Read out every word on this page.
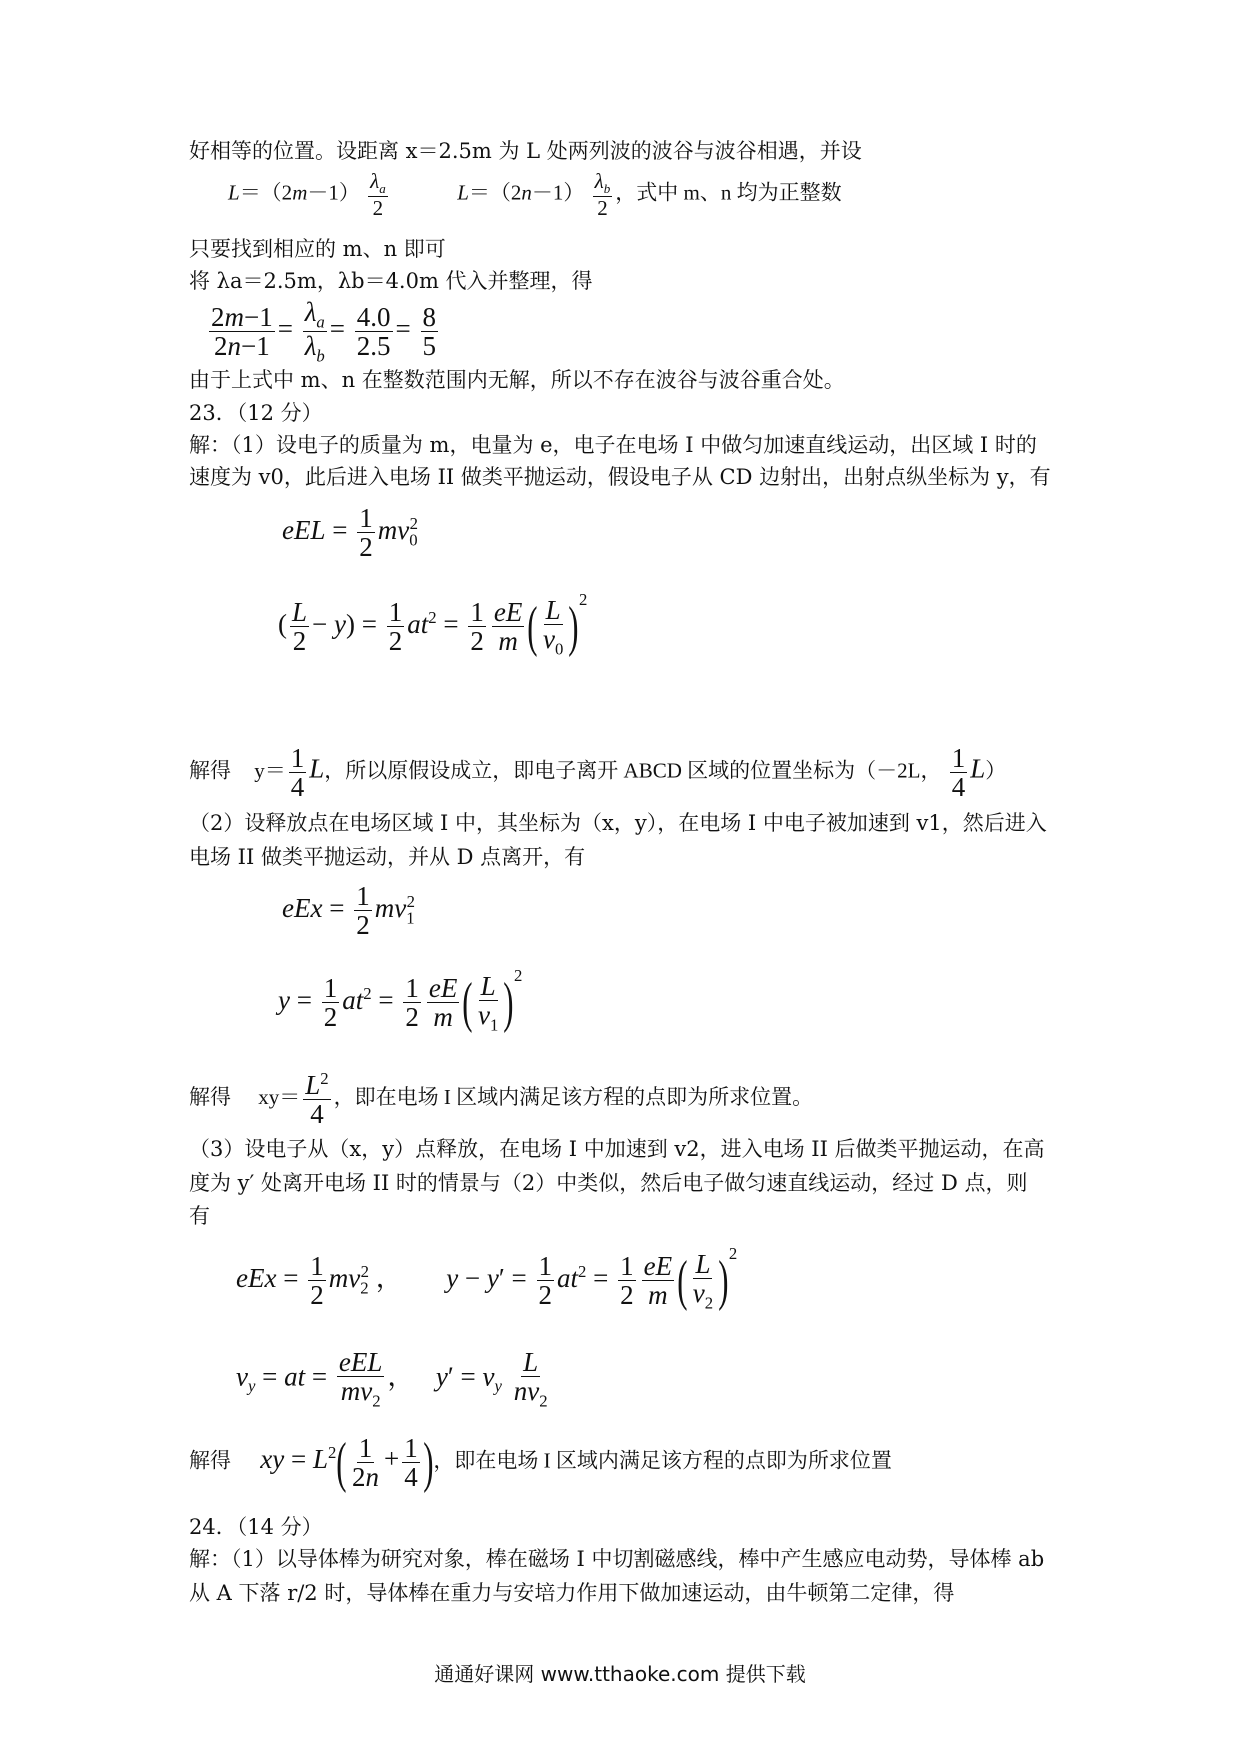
好相等的位置。设距离 x＝2.5m 为 L 处两列波的波谷与波谷相遇，并设
$L=(2m-1) \frac{\lambda_a}{2}$	$L=(2n-1) \frac{\lambda_b}{2}$ ，式中 m、n 均为正整数
只要找到相应的 m、n 即可
将 λa＝2.5m，λb＝4.0m 代入并整理，得
$\frac{2m-1}{2n-1} = \frac{\lambda_a}{\lambda_b} = \frac{4.0}{2.5} = \frac{8}{5}$
由于上式中 m、n 在整数范围内无解，所以不存在波谷与波谷重合处。
23．（12 分）
解：（1）设电子的质量为 m，电量为 e，电子在电场 I 中做匀加速直线运动，出区域 I 时的
速度为 v0，此后进入电场 II 做类平抛运动，假设电子从 CD 边射出，出射点纵坐标为 y，有
eEL = $\frac{1}{2} mv_0^2$
( $\frac{L}{2} - y) = \frac{1}{2} at^2 = \frac{1}{2} \frac{eE}{m}$ ( $\frac{L}{v_0} )^2$
解得 $y= \frac{1}{4}$ L，所以原假设成立，即电子离开 ABCD 区域的位置坐标为（－2L， $\frac{1}{4} L$）
（2）设释放点在电场区域 I 中，其坐标为（x，y），在电场 I 中电子被加速到 v1，然后进入
电场 II 做类平抛运动，并从 D 点离开，有
eEx = $\frac{1}{2} mv_1^2$
$y = \frac{1}{2} at^2 = \frac{1}{2} \frac{eE}{m}$ ( $\frac{L}{v_1} )^2$
解得 $xy= \frac{L^2}{4}$ ，即在电场 I 区域内满足该方程的点即为所求位置。
（3）设电子从（x，y）点释放，在电场 I 中加速到 v2，进入电场 II 后做类平抛运动，在高
度为 y′ 处离开电场 II 时的情景与（2）中类似，然后电子做匀速直线运动，经过 D 点，则
有
eEx = $\frac{1}{2} mv_2^2$ ，  $y - y' = \frac{1}{2} at^2 = \frac{1}{2} \frac{eE}{m}$ ( $\frac{L}{v_2} )^2$
$v_y$ = at = eEL
$mv_2$
，  $y' = v_y \frac{L}{nv_2}$
解得 xy = $L^2( \frac{1}{2n} + \frac{1}{4}$ )，即在电场 I 区域内满足该方程的点即为所求位置
24．（14 分）
解：（1）以导体棒为研究对象，棒在磁场 I 中切割磁感线，棒中产生感应电动势，导体棒 ab
从 A 下落 r/2 时，导体棒在重力与安培力作用下做加速运动，由牛顿第二定律，得
通通好课网 www.tthaoke.com 提供下载
